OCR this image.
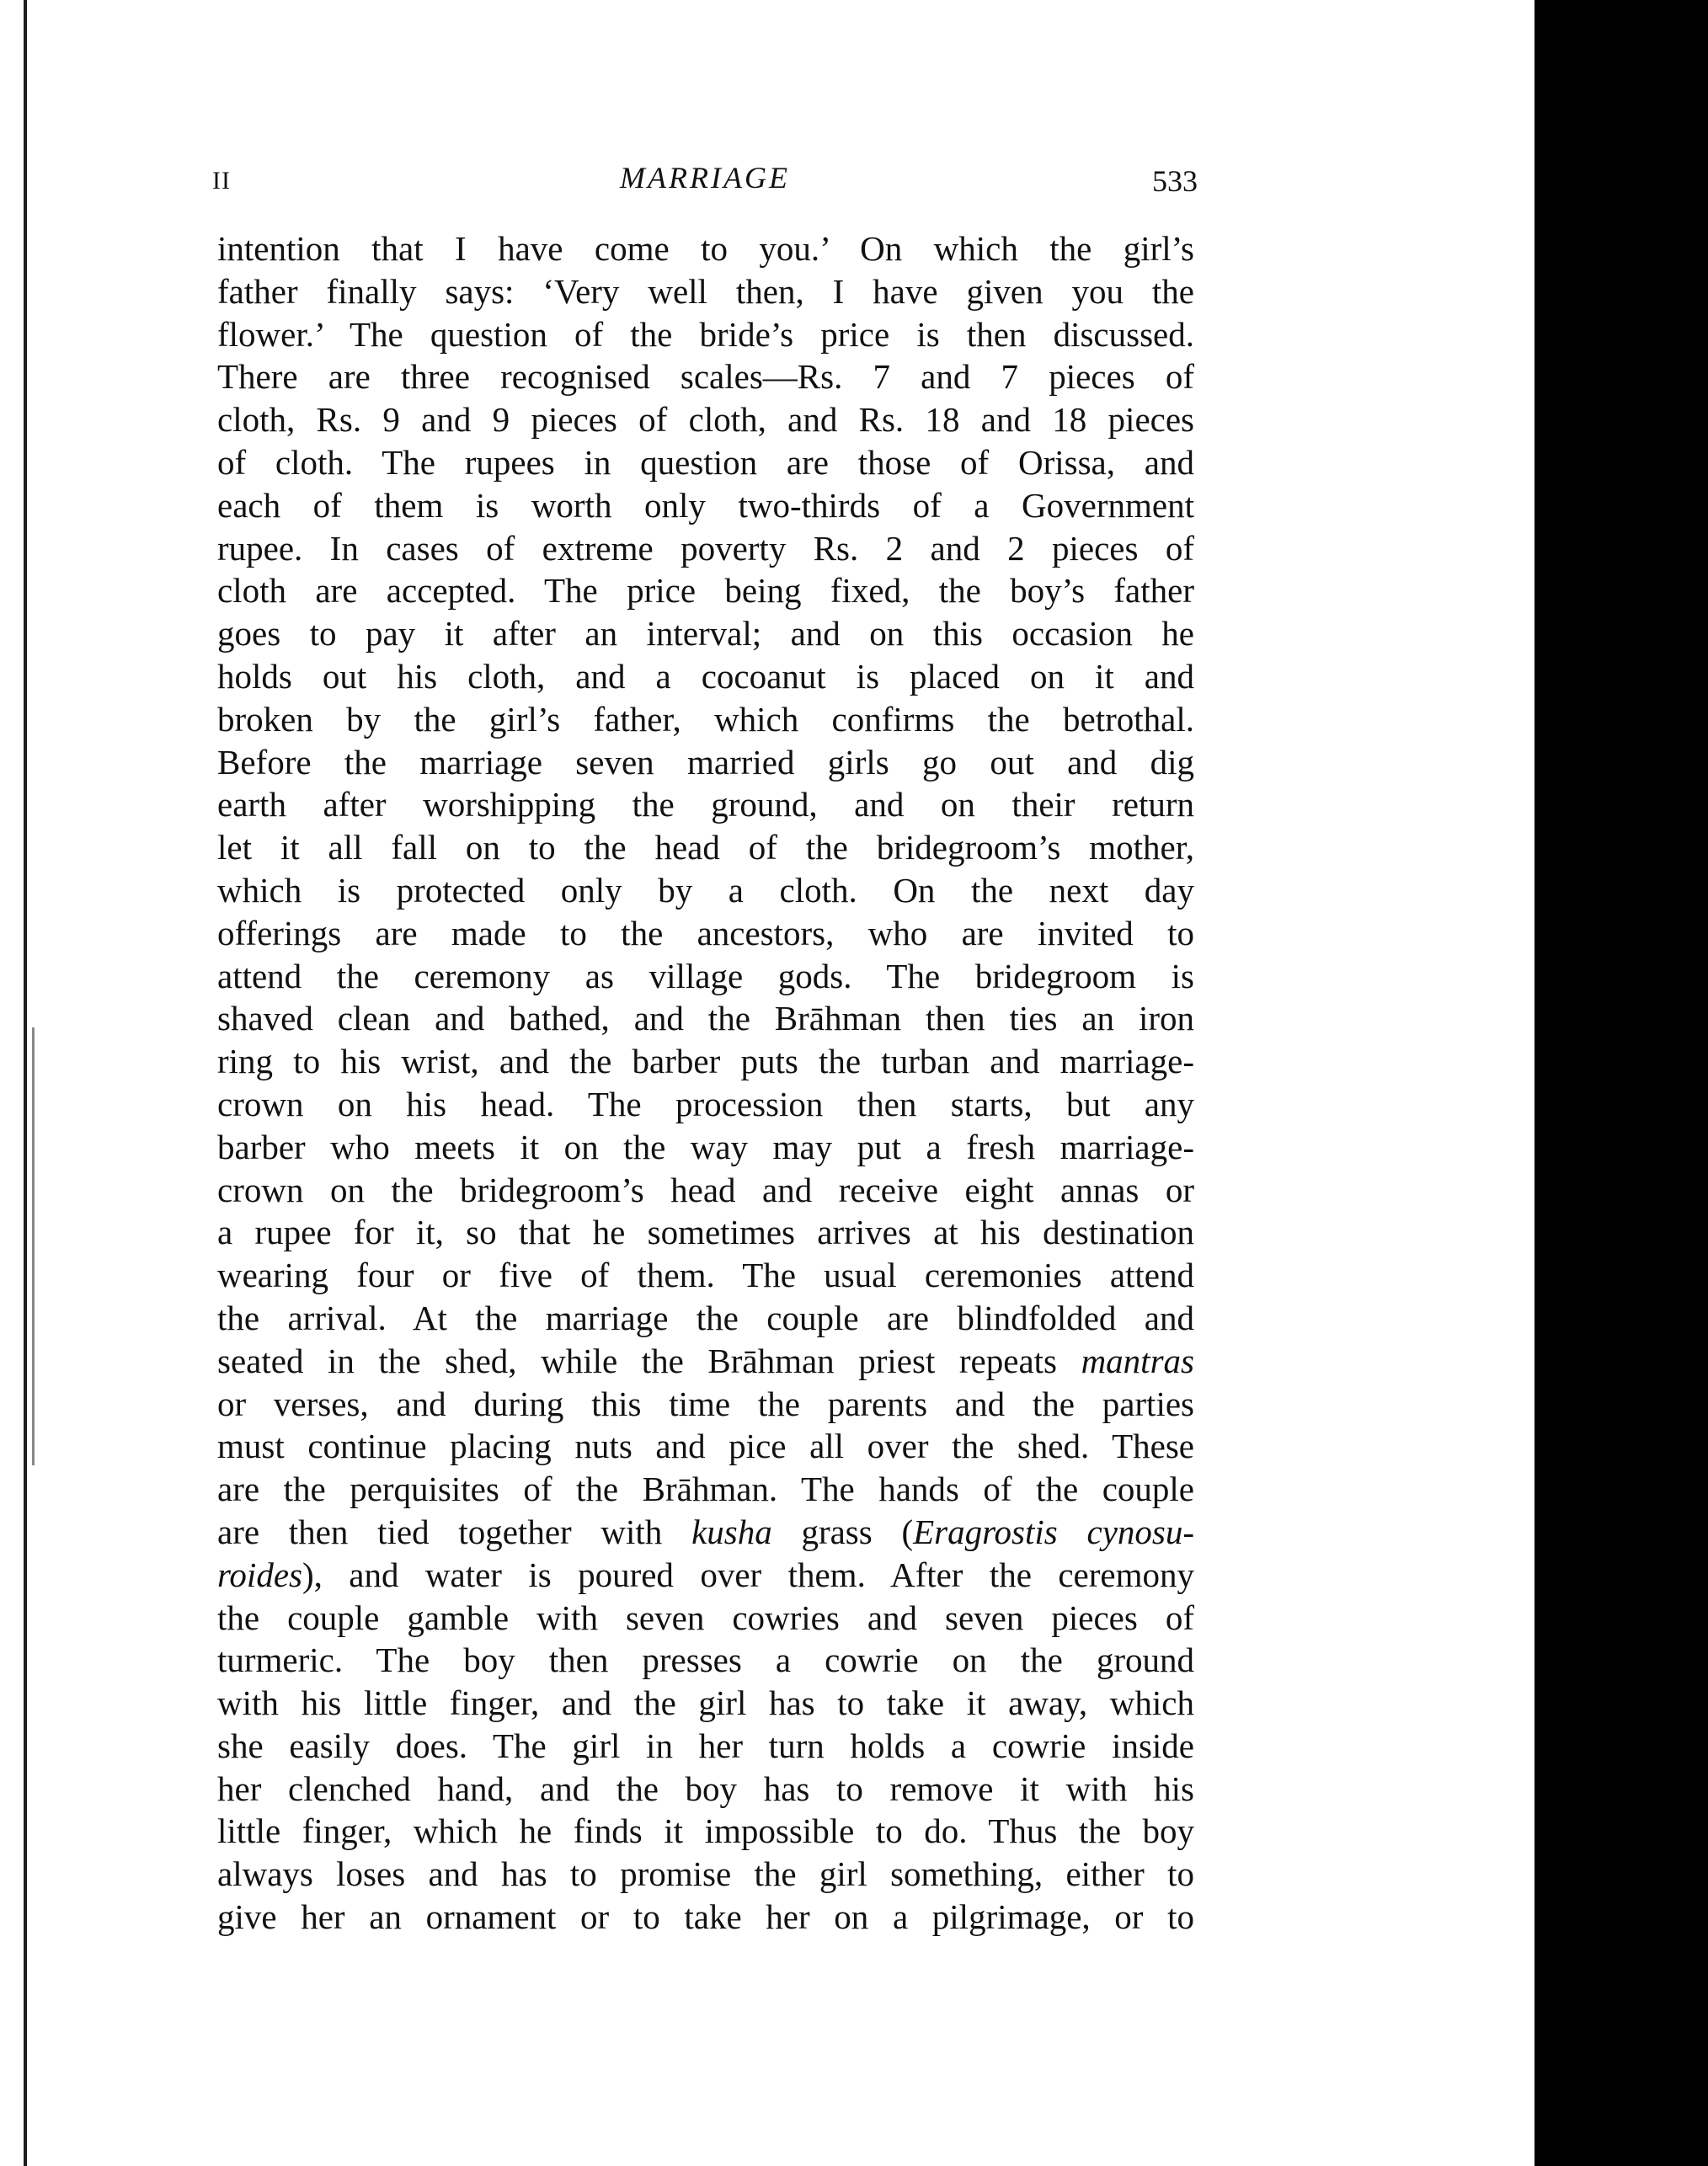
II	MARRIAGE	533
intention that I have come to you.’ On which the girl’s
father finally says: ‘Very well then, I have given you the
flower.’ The question of the bride’s price is then discussed.
There are three recognised scales—Rs. 7 and 7 pieces of
cloth, Rs. 9 and 9 pieces of cloth, and Rs. 18 and 18 pieces
of cloth. The rupees in question are those of Orissa, and
each of them is worth only two-thirds of a Government
rupee. In cases of extreme poverty Rs. 2 and 2 pieces of
cloth are accepted. The price being fixed, the boy’s father
goes to pay it after an interval; and on this occasion he
holds out his cloth, and a cocoanut is placed on it and
broken by the girl’s father, which confirms the betrothal.
Before the marriage seven married girls go out and dig
earth after worshipping the ground, and on their return
let it all fall on to the head of the bridegroom’s mother,
which is protected only by a cloth. On the next day
offerings are made to the ancestors, who are invited to
attend the ceremony as village gods. The bridegroom is
shaved clean and bathed, and the Brāhman then ties an iron
ring to his wrist, and the barber puts the turban and marriage-
crown on his head. The procession then starts, but any
barber who meets it on the way may put a fresh marriage-
crown on the bridegroom’s head and receive eight annas or
a rupee for it, so that he sometimes arrives at his destination
wearing four or five of them. The usual ceremonies attend
the arrival. At the marriage the couple are blindfolded and
seated in the shed, while the Brāhman priest repeats mantras
or verses, and during this time the parents and the parties
must continue placing nuts and pice all over the shed. These
are the perquisites of the Brāhman. The hands of the couple
are then tied together with kusha grass (Eragrostis cynosu-
roides), and water is poured over them. After the ceremony
the couple gamble with seven cowries and seven pieces of
turmeric. The boy then presses a cowrie on the ground
with his little finger, and the girl has to take it away, which
she easily does. The girl in her turn holds a cowrie inside
her clenched hand, and the boy has to remove it with his
little finger, which he finds it impossible to do. Thus the boy
always loses and has to promise the girl something, either to
give her an ornament or to take her on a pilgrimage, or to
